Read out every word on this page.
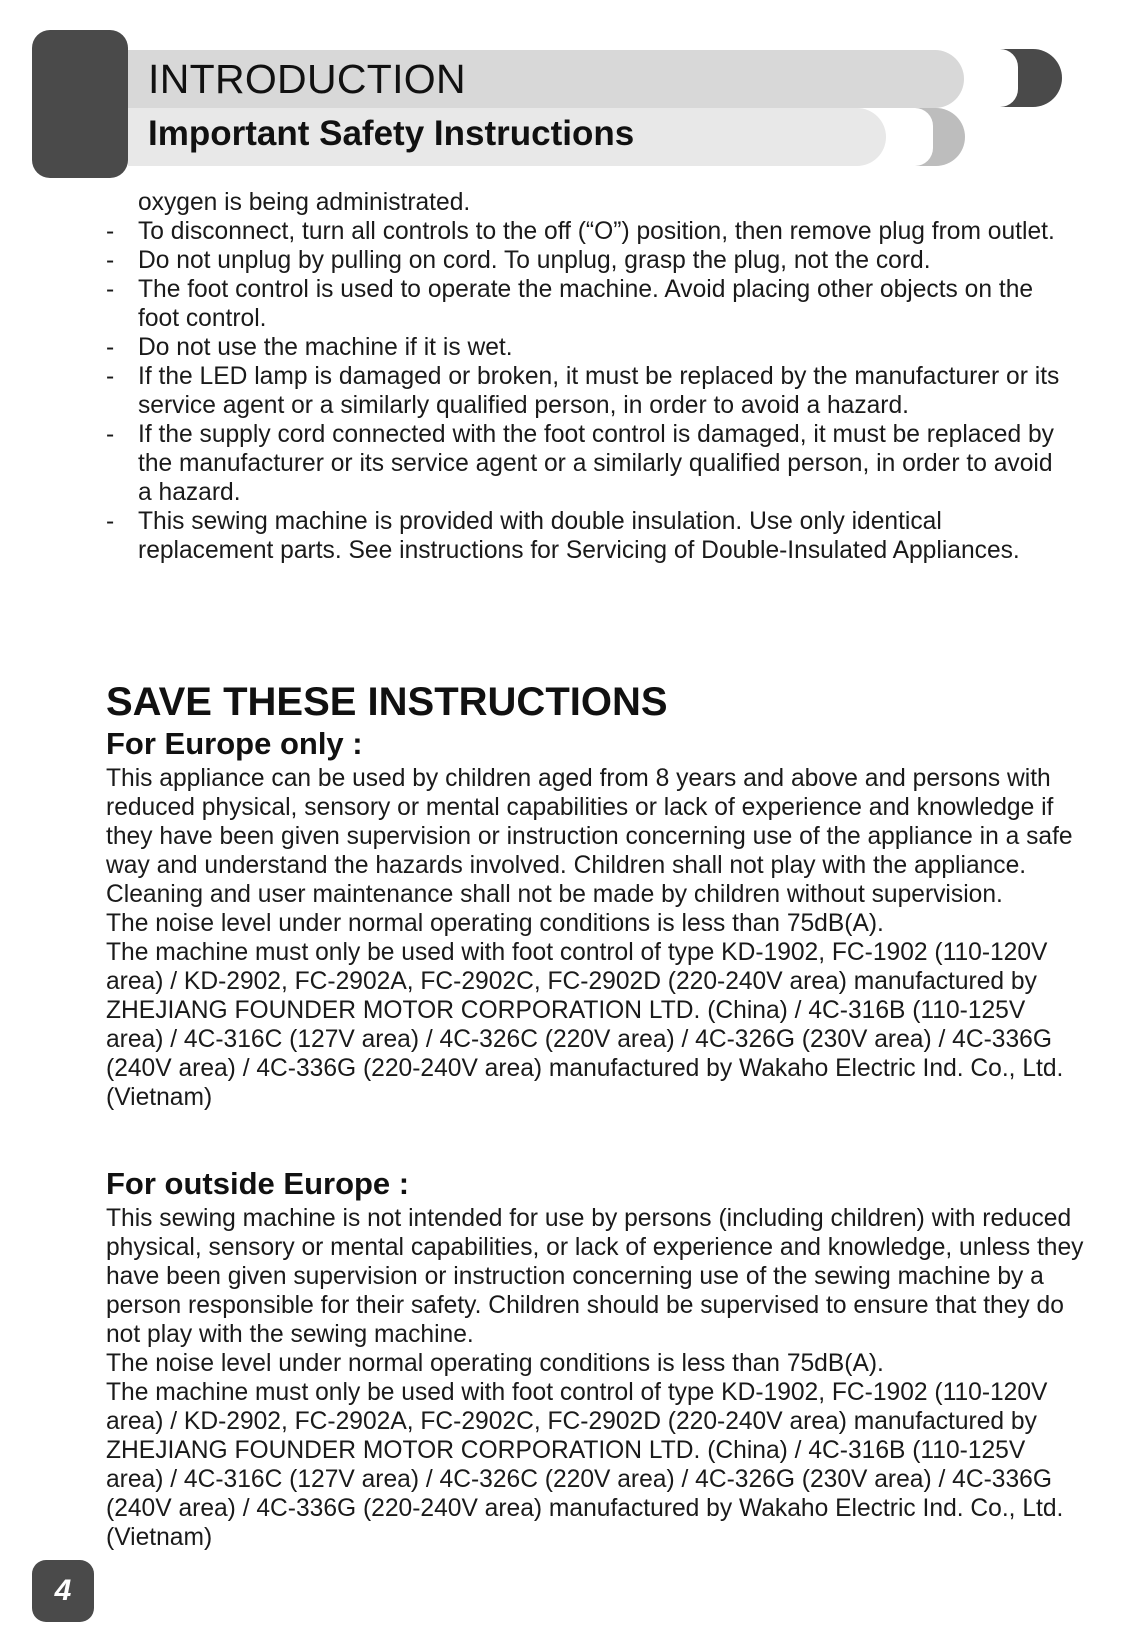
INTRODUCTION
Important Safety Instructions
oxygen is being administrated.
- To disconnect, turn all controls to the off (“O”) position, then remove plug from outlet.
- Do not unplug by pulling on cord. To unplug, grasp the plug, not the cord.
- The foot control is used to operate the machine. Avoid placing other objects on the foot control.
- Do not use the machine if it is wet.
- If the LED lamp is damaged or broken, it must be replaced by the manufacturer or its service agent or a similarly qualified person, in order to avoid a hazard.
- If the supply cord connected with the foot control is damaged, it must be replaced by the manufacturer or its service agent or a similarly qualified person, in order to avoid a hazard.
- This sewing machine is provided with double insulation. Use only identical replacement parts. See instructions for Servicing of Double-Insulated Appliances.
SAVE THESE INSTRUCTIONS
For Europe only :
This appliance can be used by children aged from 8 years and above and persons with reduced physical, sensory or mental capabilities or lack of experience and knowledge if they have been given supervision or instruction concerning use of the appliance in a safe way and understand the hazards involved. Children shall not play with the appliance. Cleaning and user maintenance shall not be made by children without supervision.
The noise level under normal operating conditions is less than 75dB(A).
The machine must only be used with foot control of type KD-1902, FC-1902 (110-120V area) / KD-2902, FC-2902A, FC-2902C, FC-2902D (220-240V area) manufactured by ZHEJIANG FOUNDER MOTOR CORPORATION LTD. (China) / 4C-316B (110-125V area) / 4C-316C (127V area) / 4C-326C (220V area) / 4C-326G (230V area) / 4C-336G (240V area) / 4C-336G (220-240V area) manufactured by Wakaho Electric Ind. Co., Ltd. (Vietnam)
For outside Europe :
This sewing machine is not intended for use by persons (including children) with reduced physical, sensory or mental capabilities, or lack of experience and knowledge, unless they have been given supervision or instruction concerning use of the sewing machine by a person responsible for their safety. Children should be supervised to ensure that they do not play with the sewing machine.
The noise level under normal operating conditions is less than 75dB(A).
The machine must only be used with foot control of type KD-1902, FC-1902 (110-120V area) / KD-2902, FC-2902A, FC-2902C, FC-2902D (220-240V area) manufactured by ZHEJIANG FOUNDER MOTOR CORPORATION LTD. (China) / 4C-316B (110-125V area) / 4C-316C (127V area) / 4C-326C (220V area) / 4C-326G (230V area) / 4C-336G (240V area) / 4C-336G (220-240V area) manufactured by Wakaho Electric Ind. Co., Ltd. (Vietnam)
4
